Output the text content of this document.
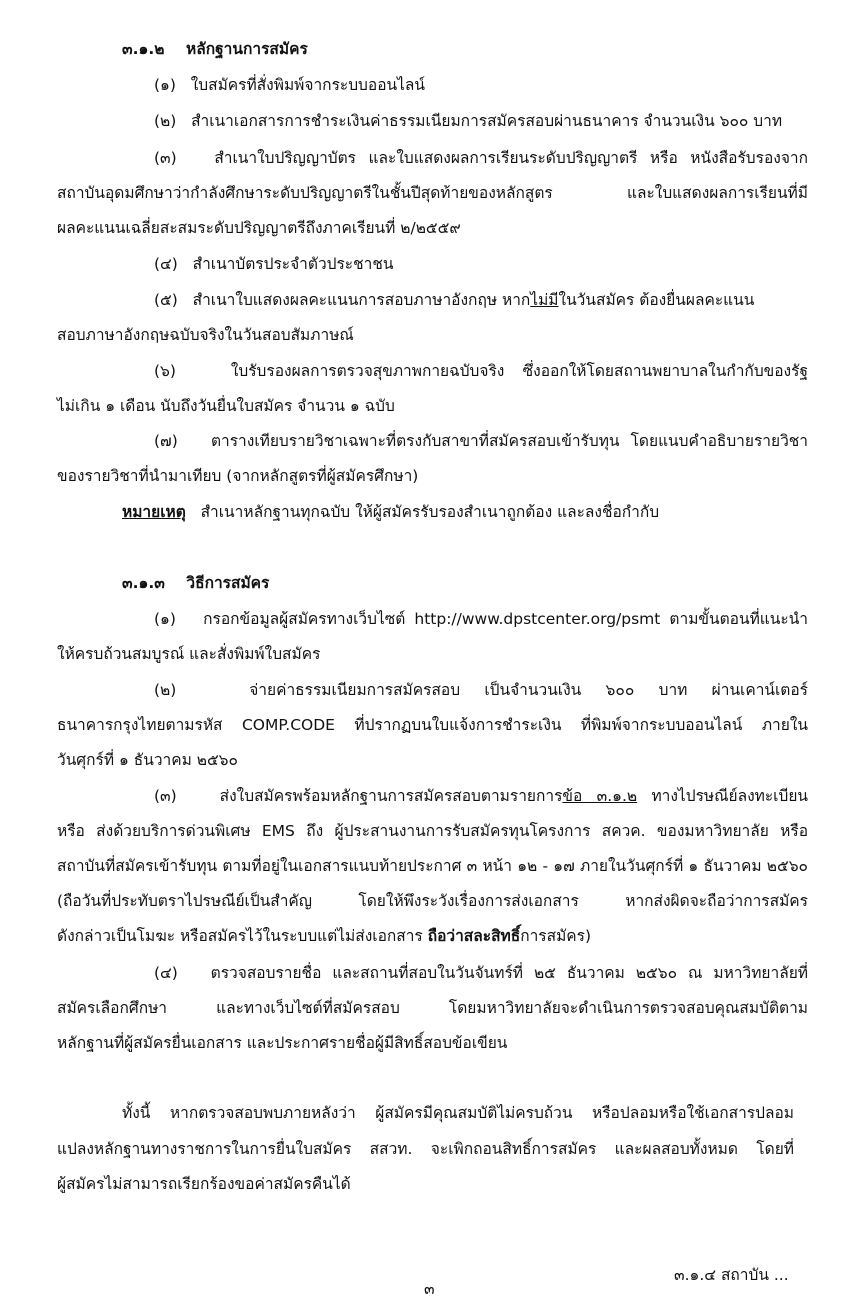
๓.๑.๒ หลักฐานการสมัคร
(๑) ใบสมัครที่สั่งพิมพ์จากระบบออนไลน์
(๒) สำเนาเอกสารการชำระเงินค่าธรรมเนียมการสมัครสอบผ่านธนาคาร จำนวนเงิน ๖๐๐ บาท
(๓) สำเนาใบปริญญาบัตร และใบแสดงผลการเรียนระดับปริญญาตรี หรือ หนังสือรับรองจาก
สถาบันอุดมศึกษาว่ากำลังศึกษาระดับปริญญาตรีในชั้นปีสุดท้ายของหลักสูตร และใบแสดงผลการเรียนที่มี
ผลคะแนนเฉลี่ยสะสมระดับปริญญาตรีถึงภาคเรียนที่ ๒/๒๕๕๙
(๔) สำเนาบัตรประจำตัวประชาชน
(๕) สำเนาใบแสดงผลคะแนนการสอบภาษาอังกฤษ หากไม่มีในวันสมัคร ต้องยื่นผลคะแนน
สอบภาษาอังกฤษฉบับจริงในวันสอบสัมภาษณ์
(๖)	ใบรับรองผลการตรวจสุขภาพกายฉบับจริง ซึ่งออกให้โดยสถานพยาบาลในกำกับของรัฐ
ไม่เกิน ๑ เดือน นับถึงวันยื่นใบสมัคร จำนวน ๑ ฉบับ
(๗) ตารางเทียบรายวิชาเฉพาะที่ตรงกับสาขาที่สมัครสอบเข้ารับทุน โดยแนบคำอธิบายรายวิชา
ของรายวิชาที่นำมาเทียบ (จากหลักสูตรที่ผู้สมัครศึกษา)
หมายเหตุ สำเนาหลักฐานทุกฉบับ ให้ผู้สมัครรับรองสำเนาถูกต้อง และลงชื่อกำกับ
๓.๑.๓ วิธีการสมัคร
(๑) กรอกข้อมูลผู้สมัครทางเว็บไซต์ http://www.dpstcenter.org/psmt ตามขั้นตอนที่แนะนำ
ให้ครบถ้วนสมบูรณ์ และสั่งพิมพ์ใบสมัคร
(๒)	จ่ายค่าธรรมเนียมการสมัครสอบ เป็นจำนวนเงิน ๖๐๐ บาท ผ่านเคาน์เตอร์
ธนาคารกรุงไทยตามรหัส COMP.CODE ที่ปรากฏบนใบแจ้งการชำระเงิน ที่พิมพ์จากระบบออนไลน์ ภายใน
วันศุกร์ที่ ๑ ธันวาคม ๒๕๖๐
(๓)	ส่งใบสมัครพร้อมหลักฐานการสมัครสอบตามรายการข้อ ๓.๑.๒ ทางไปรษณีย์ลงทะเบียน
หรือ ส่งด้วยบริการด่วนพิเศษ EMS ถึง ผู้ประสานงานการรับสมัครทุนโครงการ สควค. ของมหาวิทยาลัย หรือ
สถาบันที่สมัครเข้ารับทุน ตามที่อยู่ในเอกสารแนบท้ายประกาศ ๓ หน้า ๑๒ - ๑๗ ภายในวันศุกร์ที่ ๑ ธันวาคม ๒๕๖๐
(ถือวันที่ประทับตราไปรษณีย์เป็นสำคัญ โดยให้พึงระวังเรื่องการส่งเอกสาร หากส่งผิดจะถือว่าการสมัคร
ดังกล่าวเป็นโมฆะ หรือสมัครไว้ในระบบแต่ไม่ส่งเอกสาร ถือว่าสละสิทธิ์การสมัคร)
(๔) ตรวจสอบรายชื่อ และสถานที่สอบในวันจันทร์ที่ ๒๕ ธันวาคม ๒๕๖๐ ณ มหาวิทยาลัยที่
สมัครเลือกศึกษา และทางเว็บไซต์ที่สมัครสอบ โดยมหาวิทยาลัยจะดำเนินการตรวจสอบคุณสมบัติตาม
หลักฐานที่ผู้สมัครยื่นเอกสาร และประกาศรายชื่อผู้มีสิทธิ์สอบข้อเขียน
ทั้งนี้ หากตรวจสอบพบภายหลังว่า ผู้สมัครมีคุณสมบัติไม่ครบถ้วน หรือปลอมหรือใช้เอกสารปลอม
แปลงหลักฐานทางราชการในการยื่นใบสมัคร สสวท. จะเพิกถอนสิทธิ์การสมัคร และผลสอบทั้งหมด โดยที่
ผู้สมัครไม่สามารถเรียกร้องขอค่าสมัครคืนได้
๓.๑.๔ สถาบัน ...
๓
